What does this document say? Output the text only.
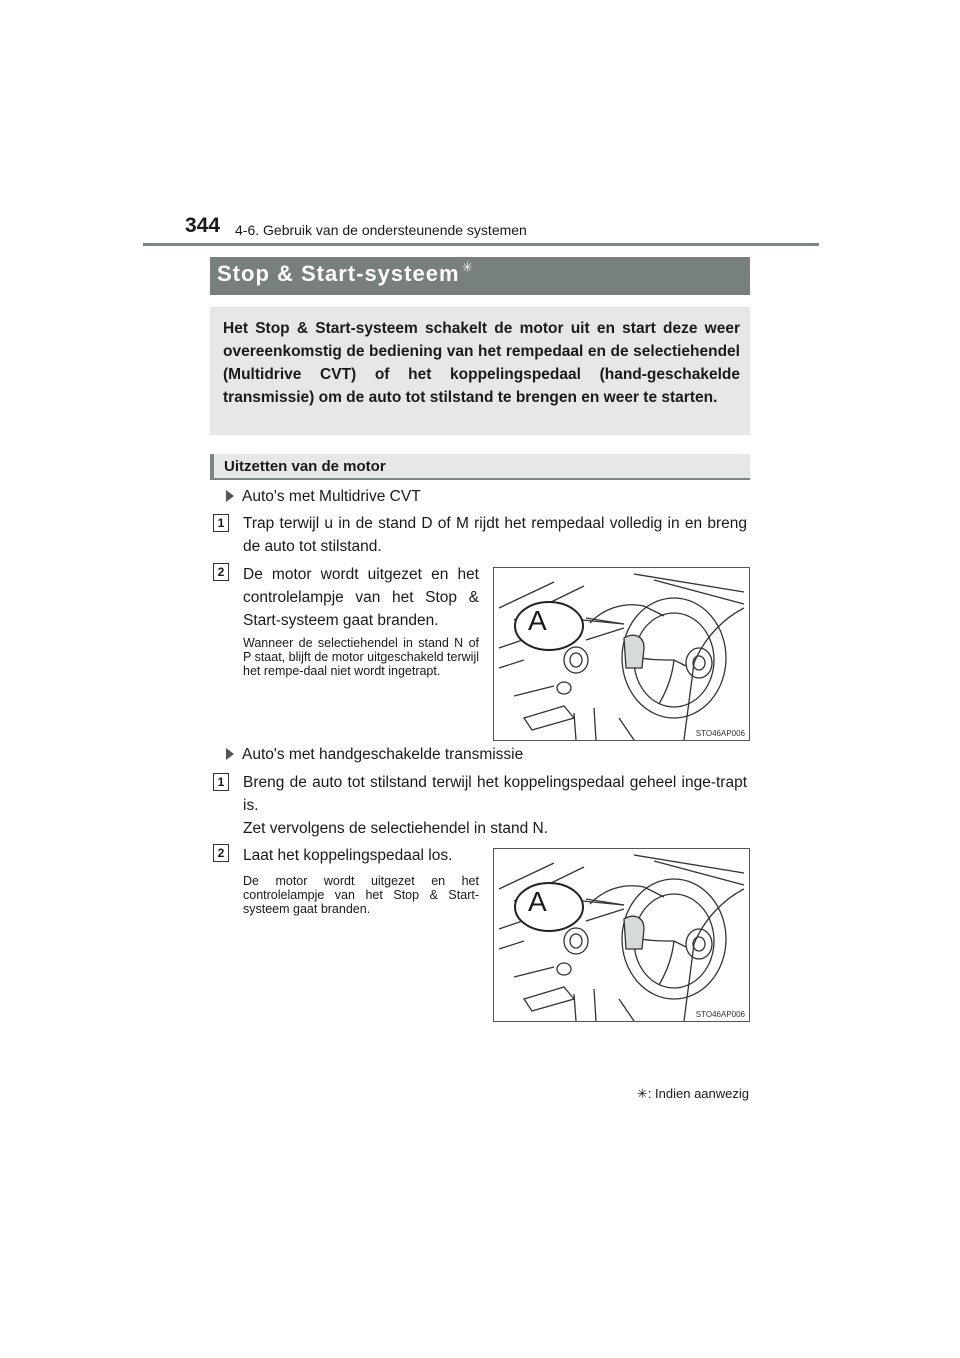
344 4-6. Gebruik van de ondersteunende systemen
Stop & Start-systeem ✳
Het Stop & Start-systeem schakelt de motor uit en start deze weer overeenkomstig de bediening van het rempedaal en de selectiehendel (Multidrive CVT) of het koppelingspedaal (hand-geschakelde transmissie) om de auto tot stilstand te brengen en weer te starten.
Uitzetten van de motor
Auto's met Multidrive CVT
1	Trap terwijl u in de stand D of M rijdt het rempedaal volledig in en breng de auto tot stilstand.
2	De motor wordt uitgezet en het controlelampje van het Stop & Start-systeem gaat branden.
Wanneer de selectiehendel in stand N of P staat, blijft de motor uitgeschakeld terwijl het rempe-daal niet wordt ingetrapt.
A
STO46AP006
Auto's met handgeschakelde transmissie
1	Breng de auto tot stilstand terwijl het koppelingspedaal geheel inge-trapt is.
Zet vervolgens de selectiehendel in stand N.
2	Laat het koppelingspedaal los.
De motor wordt uitgezet en het controlelampje van het Stop & Start-systeem gaat branden.	A
STO46AP006
✳: Indien aanwezig
